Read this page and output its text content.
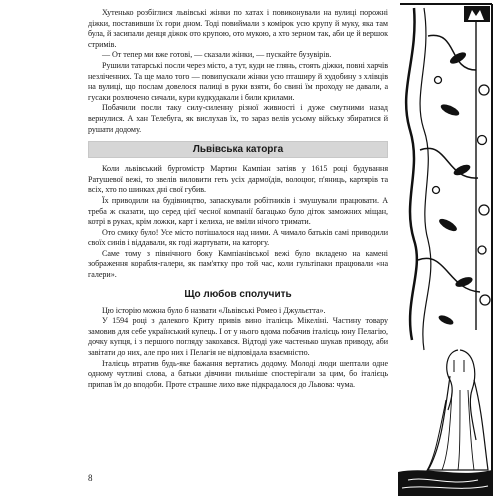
Хутенько розбіглися львівські жінки по хатах і повиконували на вулиці порожні діжки, поставивши їх гори дном. Тоді повиймали з комірок усю крупу й муку, яка там була, й засипали денця діжок ото крупою, ото мукою, а хто зерном так, аби це й вершок стримів.

— От тепер ми вже готові, — сказали жінки, — пускайте бузувірів.

Рушили татарські посли через місто, а тут, куди не глянь, стоять діжки, повні харчів незліченних. Та ще мало того — повипускали жінки усю пташиру й худобину з хлівців на вулиці, що послам довелося палиці в руки взяти, бо свині їм проходу не давали, а гусаки розлючено сичали, кури кудкудакали і били крилами.

Побачили посли таку силу-силенну різної живності і дуже смутними назад вернулися. А хан Телебуга, як вислухав їх, то зараз велів усьому війську збиратися й рушати додому.

Львівська каторга

Коли львівський бургомістр Мартин Кампіан затіяв у 1615 році будування Ратушевої вежі, то звелів виловити геть усіх дармоїдів, волоцюг, п'яниць, картярів та всіх, хто по шинках дні свої губив.

Їх приводили на будівництво, запаскували робітників і змушували працювати. А треба ж сказати, що серед цієї чесної компанії багацько було діток заможних міщан, котрі в руках, крім ложки, карт і келиха, не вміли нічого тримати.

Ото смику було! Усе місто потішалося над ними. А чимало батьків самі приводили своїх синів і віддавали, як годі жартувати, на каторгу.

Саме тому з північного боку Кампіанівської вежі було вкладено на камені зображення корабля-галери, як пам'ятку про той час, коли гультіпаки працювали «на галери».

Що любов сполучить

Цю історію можна було б назвати «Львівські Ромео і Джульєтта».

У 1594 році з далекого Криту привів вино італієць Мікеліні. Частину товару замовив для себе український купець. І от у нього вдома побачив італієць юну Пелагію, дочку купця, і з першого погляду закохався. Відтоді уже частенько шукав приводу, аби завітати до них, але про них і Пелагія не відповідала взаємністю.

Італієць втратив будь-яке бажання вертатись додому. Молоді люди шептали одне одному чутливі слова, а батьки дівчини пильніше спостерігали за цим, бо італієць припав їм до вподоби. Проте страшне лихо вже підкрадалося до Львова: чума.

8
